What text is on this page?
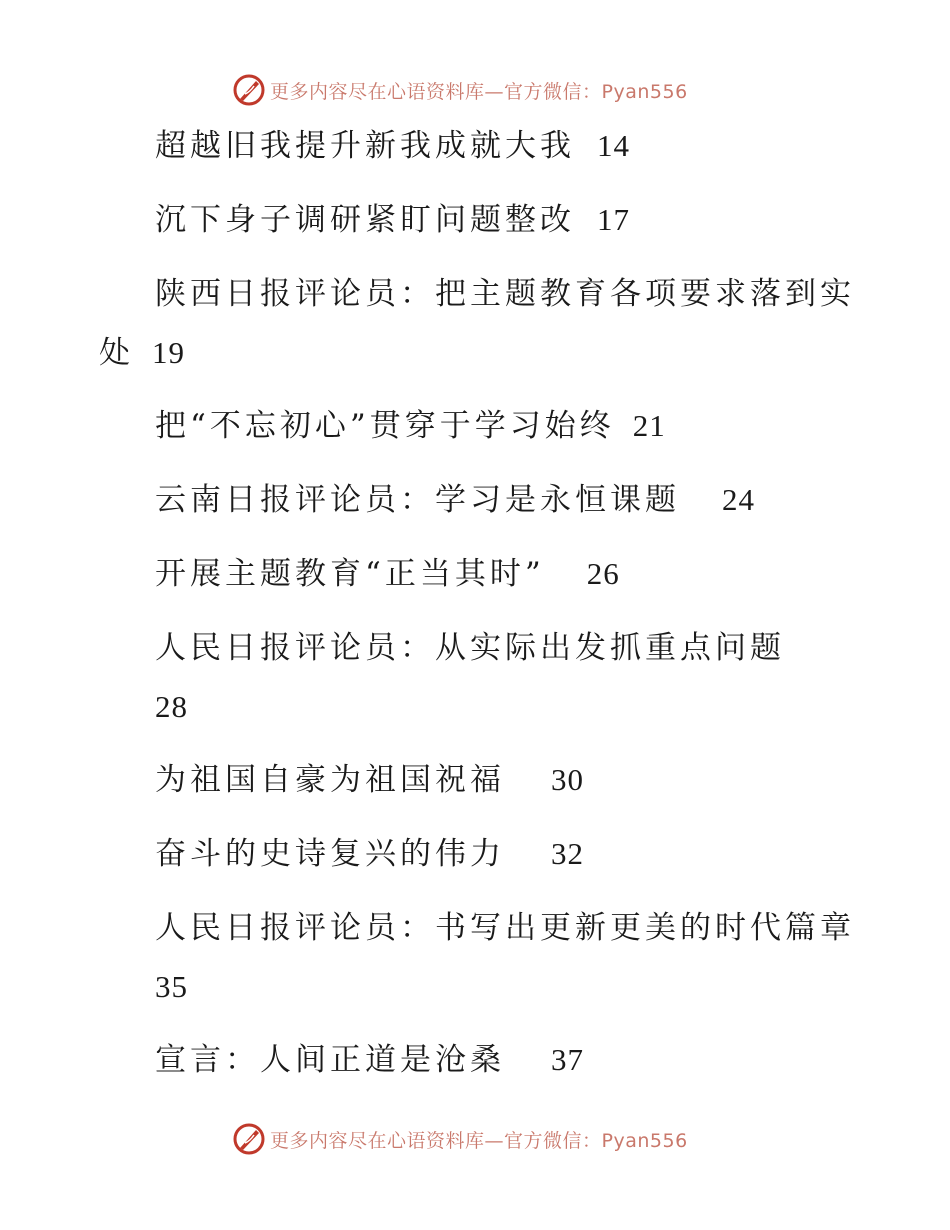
更多内容尽在心语资料库—官方微信：Pyan556
超越旧我提升新我成就大我 14
沉下身子调研紧盯问题整改 17
陕西日报评论员：把主题教育各项要求落到实
处 19
把“不忘初心”贯穿于学习始终 21
云南日报评论员：学习是永恒课题 24
开展主题教育“正当其时” 26
人民日报评论员：从实际出发抓重点问题
28
为祖国自豪为祖国祝福 30
奋斗的史诗复兴的伟力 32
人民日报评论员：书写出更新更美的时代篇章
35
宣言：人间正道是沧桑 37
更多内容尽在心语资料库—官方微信：Pyan556
